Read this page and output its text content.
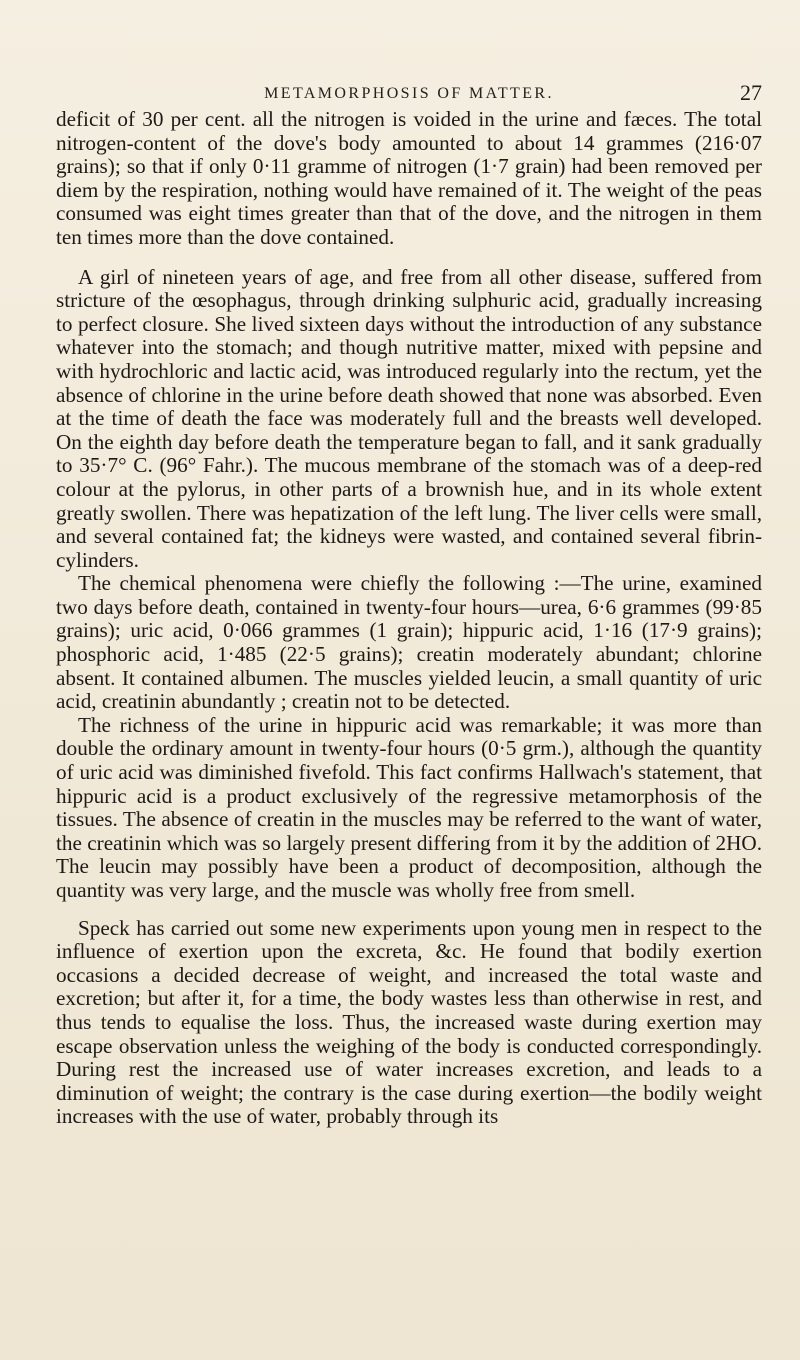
METAMORPHOSIS OF MATTER.	27

deficit of 30 per cent. all the nitrogen is voided in the urine and fæces. The total nitrogen-content of the dove's body amounted to about 14 grammes (216·07 grains); so that if only 0·11 gramme of nitrogen (1·7 grain) had been removed per diem by the respiration, nothing would have remained of it. The weight of the peas consumed was eight times greater than that of the dove, and the nitrogen in them ten times more than the dove contained.

A girl of nineteen years of age, and free from all other disease, suffered from stricture of the œsophagus, through drinking sulphuric acid, gradually increasing to perfect closure. She lived sixteen days without the introduction of any substance whatever into the stomach; and though nutritive matter, mixed with pepsine and with hydrochloric and lactic acid, was introduced regularly into the rectum, yet the absence of chlorine in the urine before death showed that none was absorbed. Even at the time of death the face was moderately full and the breasts well developed. On the eighth day before death the temperature began to fall, and it sank gradually to 35·7° C. (96° Fahr.). The mucous membrane of the stomach was of a deep-red colour at the pylorus, in other parts of a brownish hue, and in its whole extent greatly swollen. There was hepatization of the left lung. The liver cells were small, and several contained fat; the kidneys were wasted, and contained several fibrin-cylinders.

The chemical phenomena were chiefly the following :—The urine, examined two days before death, contained in twenty-four hours—urea, 6·6 grammes (99·85 grains); uric acid, 0·066 grammes (1 grain); hippuric acid, 1·16 (17·9 grains); phosphoric acid, 1·485 (22·5 grains); creatin moderately abundant; chlorine absent. It contained albumen. The muscles yielded leucin, a small quantity of uric acid, creatinin abundantly ; creatin not to be detected.

The richness of the urine in hippuric acid was remarkable; it was more than double the ordinary amount in twenty-four hours (0·5 grm.), although the quantity of uric acid was diminished fivefold. This fact confirms Hallwach's statement, that hippuric acid is a product exclusively of the regressive metamorphosis of the tissues. The absence of creatin in the muscles may be referred to the want of water, the creatinin which was so largely present differing from it by the addition of 2HO. The leucin may possibly have been a product of decomposition, although the quantity was very large, and the muscle was wholly free from smell.

Speck has carried out some new experiments upon young men in respect to the influence of exertion upon the excreta, &c. He found that bodily exertion occasions a decided decrease of weight, and increased the total waste and excretion; but after it, for a time, the body wastes less than otherwise in rest, and thus tends to equalise the loss. Thus, the increased waste during exertion may escape observation unless the weighing of the body is conducted correspondingly. During rest the increased use of water increases excretion, and leads to a diminution of weight; the contrary is the case during exertion—the bodily weight increases with the use of water, probably through its
